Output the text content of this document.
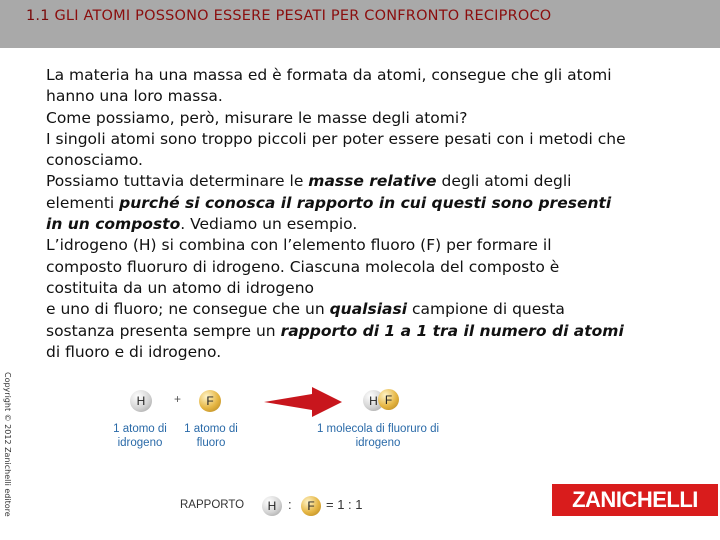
1.1 GLI ATOMI POSSONO ESSERE PESATI PER CONFRONTO RECIPROCO

La materia ha una massa ed è formata da atomi, consegue che gli atomi hanno una loro massa.

Come possiamo, però, misurare le masse degli atomi?

I singoli atomi sono troppo piccoli per poter essere pesati con i metodi che conosciamo.

Possiamo tuttavia determinare le masse relative degli atomi degli elementi purché si conosca il rapporto in cui questi sono presenti in un composto. Vediamo un esempio.

L’idrogeno (H) si combina con l’elemento fluoro (F) per formare il composto fluoruro di idrogeno. Ciascuna molecola del composto è costituita da un atomo di idrogeno

e uno di fluoro; ne consegue che un qualsiasi campione di questa sostanza presenta sempre un rapporto di 1 a 1 tra il numero di atomi di fluoro e di idrogeno.

Copyright © 2012 Zanichelli editore	H + F	H F
1 atomo di idrogeno
1 atomo di fluoro
1 molecola di fluoruro di idrogeno
RAPPORTO H : F = 1 : 1	ZANICHELLI
